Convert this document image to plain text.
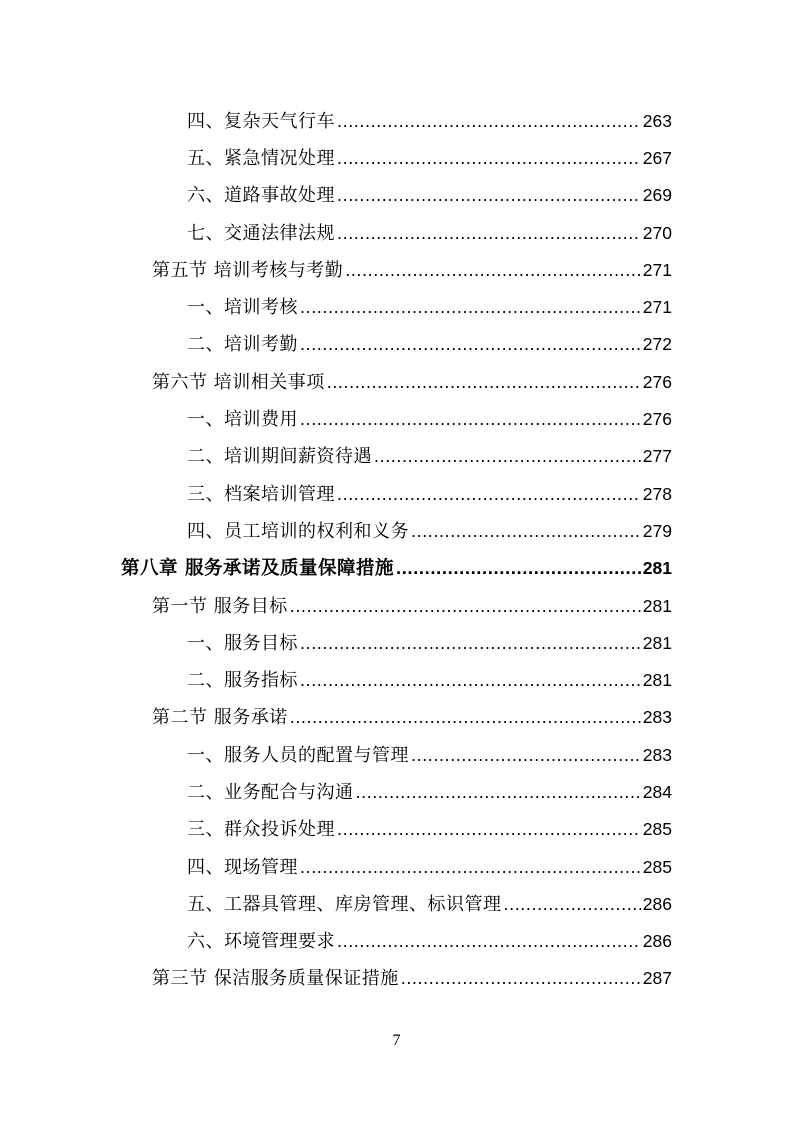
四、复杂天气行车 .....	263
五、紧急情况处理 .....	267
六、道路事故处理 .....	269
七、交通法律法规 .....	270
第五节 培训考核与考勤 .....	271
一、培训考核 .....	271
二、培训考勤 .....	272
第六节 培训相关事项 .....	276
一、培训费用 .....	276
二、培训期间薪资待遇 .....	277
三、档案培训管理 .....	278
四、员工培训的权利和义务 .....	279
第八章 服务承诺及质量保障措施 .....	281
第一节 服务目标 .....	281
一、服务目标 .....	281
二、服务指标 .....	281
第二节 服务承诺 .....	283
一、服务人员的配置与管理 .....	283
二、业务配合与沟通 .....	284
三、群众投诉处理 .....	285
四、现场管理 .....	285
五、工器具管理、库房管理、标识管理 .....	286
六、环境管理要求 .....	286
第三节 保洁服务质量保证措施 .....	287
7
